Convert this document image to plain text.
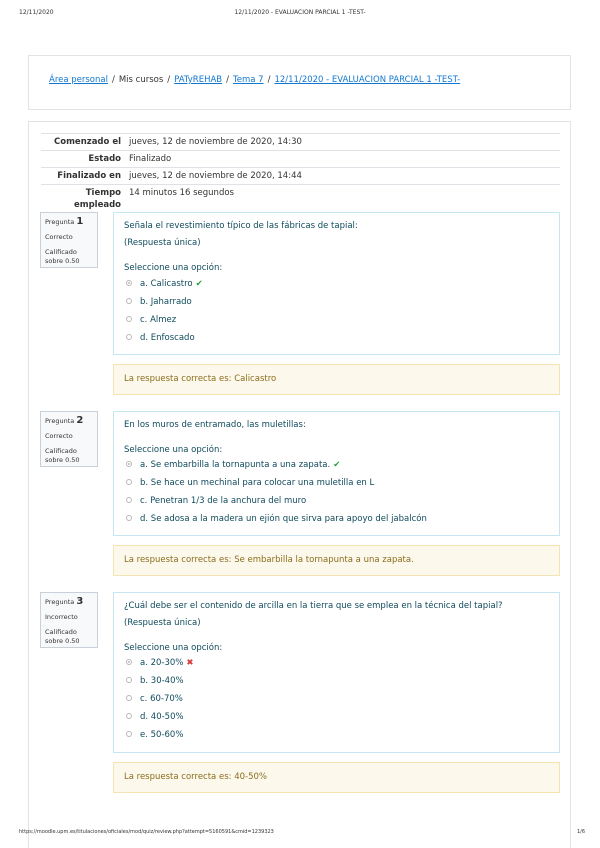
12/11/2020	12/11/2020 - EVALUACION PARCIAL 1 -TEST-
Área personal / Mis cursos / PATyREHAB / Tema 7 / 12/11/2020 - EVALUACION PARCIAL 1 -TEST-
Comenzado el	jueves, 12 de noviembre de 2020, 14:30
Estado	Finalizado
Finalizado en	jueves, 12 de noviembre de 2020, 14:44
Tiempo empleado	14 minutos 16 segundos
Pregunta 1
Correcto
Calificado sobre 0.50
Señala el revestimiento típico de las fábricas de tapial:
(Respuesta única)
Seleccione una opción:
a. Calicastro ✔
b. Jaharrado
c. Almez
d. Enfoscado
La respuesta correcta es: Calicastro
Pregunta 2
Correcto
Calificado sobre 0.50
En los muros de entramado, las muletillas:
Seleccione una opción:
a. Se embarbilla la tornapunta a una zapata. ✔
b. Se hace un mechinal para colocar una muletilla en L
c. Penetran 1/3 de la anchura del muro
d. Se adosa a la madera un ejión que sirva para apoyo del jabalcón
La respuesta correcta es: Se embarbilla la tornapunta a una zapata.
Pregunta 3
Incorrecto
Calificado sobre 0.50
¿Cuál debe ser el contenido de arcilla en la tierra que se emplea en la técnica del tapial?
(Respuesta única)
Seleccione una opción:
a. 20-30% ✖
b. 30-40%
c. 60-70%
d. 40-50%
e. 50-60%
La respuesta correcta es: 40-50%
https://moodle.upm.es/titulaciones/oficiales/mod/quiz/review.php?attempt=5160591&cmid=1239323	1/6
